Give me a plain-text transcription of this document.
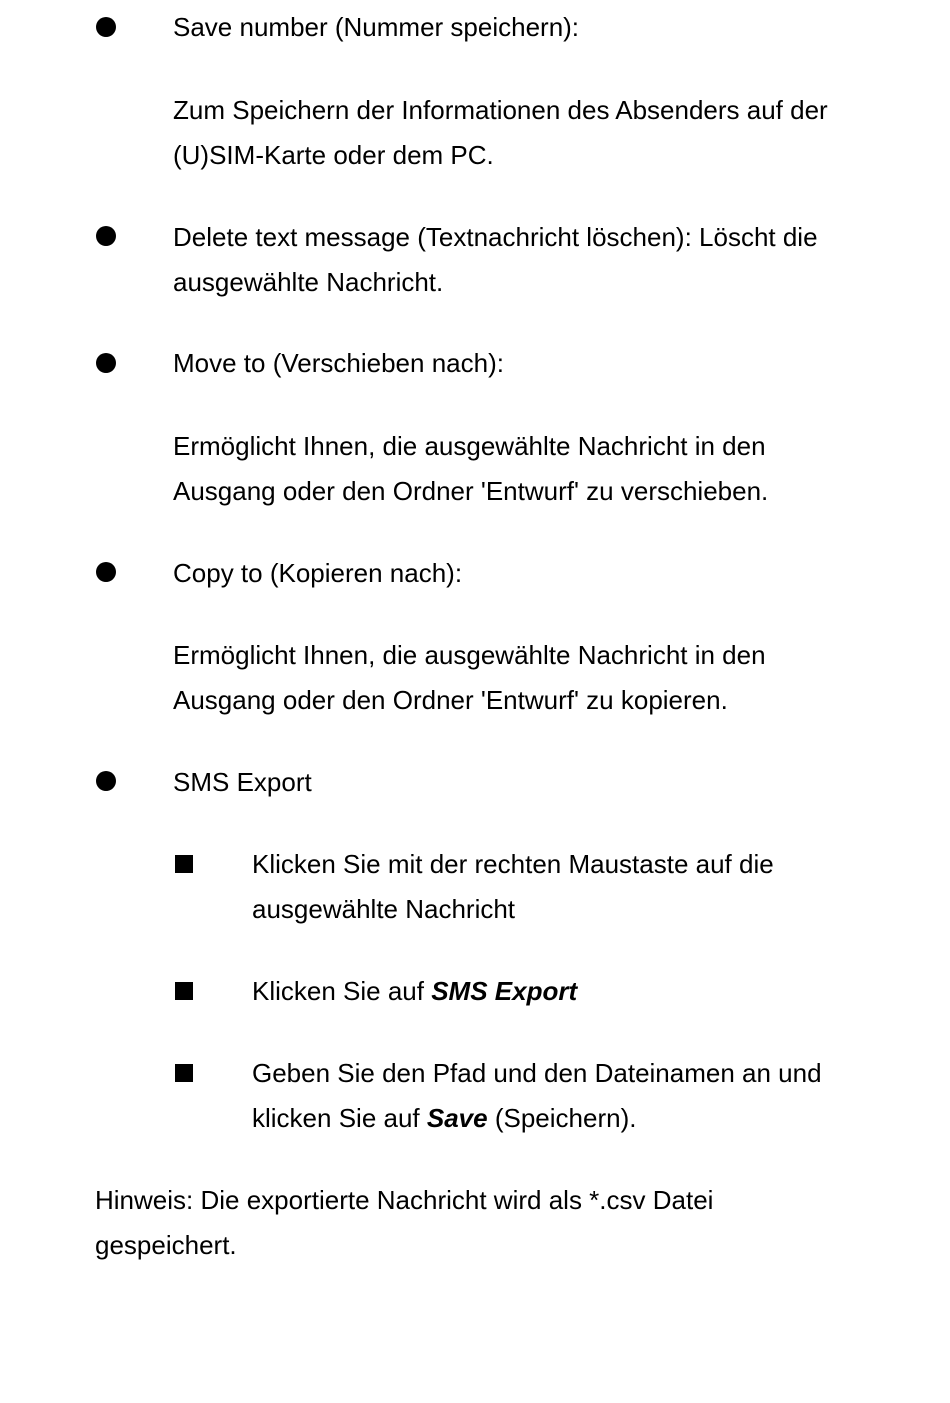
Save number (Nummer speichern):
Zum Speichern der Informationen des Absenders auf der
(U)SIM-Karte oder dem PC.
Delete text message (Textnachricht löschen): Löscht die
ausgewählte Nachricht.
Move to (Verschieben nach):
Ermöglicht Ihnen, die ausgewählte Nachricht in den
Ausgang oder den Ordner 'Entwurf' zu verschieben.
Copy to (Kopieren nach):
Ermöglicht Ihnen, die ausgewählte Nachricht in den
Ausgang oder den Ordner 'Entwurf' zu kopieren.
SMS Export
Klicken Sie mit der rechten Maustaste auf die
ausgewählte Nachricht
Klicken Sie auf SMS Export
Geben Sie den Pfad und den Dateinamen an und
klicken Sie auf Save (Speichern).
Hinweis: Die exportierte Nachricht wird als *.csv Datei
gespeichert.
